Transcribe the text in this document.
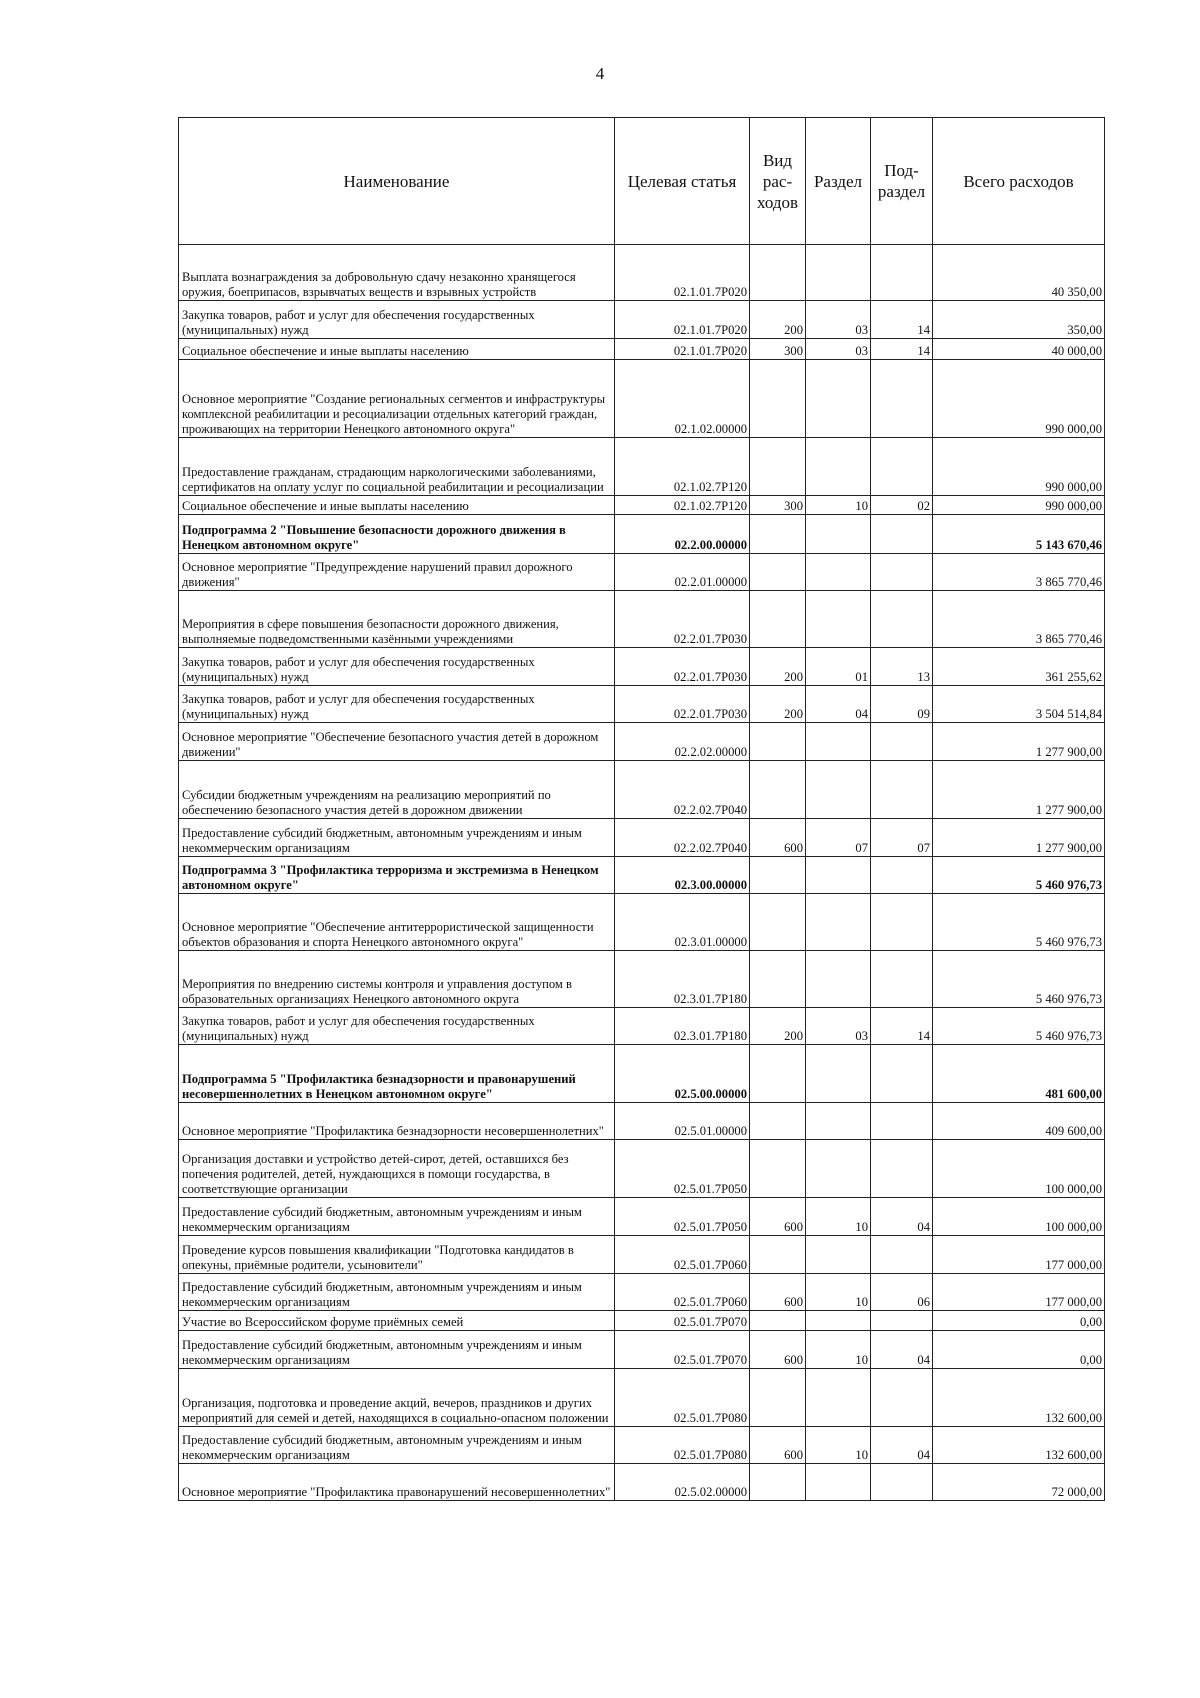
4
Наименование	Целевая статья	Вид рас-ходов	Раздел	Под-раздел	Всего расходов
Выплата вознаграждения за добровольную сдачу незаконно хранящегося оружия, боеприпасов, взрывчатых веществ и взрывных устройств	02.1.01.7Р020				40 350,00
Закупка товаров, работ и услуг для обеспечения государственных (муниципальных) нужд	02.1.01.7Р020	200	03	14	350,00
Социальное обеспечение и иные выплаты населению	02.1.01.7Р020	300	03	14	40 000,00
Основное мероприятие "Создание региональных сегментов и инфраструктуры комплексной реабилитации и ресоциализации отдельных категорий граждан, проживающих на территории Ненецкого автономного округа"	02.1.02.00000				990 000,00
Предоставление гражданам, страдающим наркологическими заболеваниями, сертификатов на оплату услуг по социальной реабилитации и ресоциализации	02.1.02.7Р120				990 000,00
Социальное обеспечение и иные выплаты населению	02.1.02.7Р120	300	10	02	990 000,00
Подпрограмма 2 "Повышение безопасности дорожного движения в Ненецком автономном округе"	02.2.00.00000				5 143 670,46
Основное мероприятие "Предупреждение нарушений правил дорожного движения"	02.2.01.00000				3 865 770,46
Мероприятия в сфере повышения безопасности дорожного движения, выполняемые подведомственными казёнными учреждениями	02.2.01.7Р030				3 865 770,46
Закупка товаров, работ и услуг для обеспечения государственных (муниципальных) нужд	02.2.01.7Р030	200	01	13	361 255,62
Закупка товаров, работ и услуг для обеспечения государственных (муниципальных) нужд	02.2.01.7Р030	200	04	09	3 504 514,84
Основное мероприятие "Обеспечение безопасного участия детей в дорожном движении"	02.2.02.00000				1 277 900,00
Субсидии бюджетным учреждениям на реализацию мероприятий по обеспечению безопасного участия детей в дорожном движении	02.2.02.7Р040				1 277 900,00
Предоставление субсидий бюджетным, автономным учреждениям и иным некоммерческим организациям	02.2.02.7Р040	600	07	07	1 277 900,00
Подпрограмма 3 "Профилактика терроризма и экстремизма в Ненецком автономном округе"	02.3.00.00000				5 460 976,73
Основное мероприятие "Обеспечение антитеррористической защищенности объектов образования и спорта Ненецкого автономного округа"	02.3.01.00000				5 460 976,73
Мероприятия по внедрению системы контроля и управления доступом в образовательных организациях Ненецкого автономного округа	02.3.01.7Р180				5 460 976,73
Закупка товаров, работ и услуг для обеспечения государственных (муниципальных) нужд	02.3.01.7Р180	200	03	14	5 460 976,73
Подпрограмма 5 "Профилактика безнадзорности и правонарушений несовершеннолетних в Ненецком автономном округе"	02.5.00.00000				481 600,00
Основное мероприятие "Профилактика безнадзорности несовершеннолетних"	02.5.01.00000				409 600,00
Организация доставки и устройство детей-сирот, детей, оставшихся без попечения родителей, детей, нуждающихся в помощи государства, в соответствующие организации	02.5.01.7Р050				100 000,00
Предоставление субсидий бюджетным, автономным учреждениям и иным некоммерческим организациям	02.5.01.7Р050	600	10	04	100 000,00
Проведение курсов повышения квалификации "Подготовка кандидатов в опекуны, приёмные родители, усыновители"	02.5.01.7Р060				177 000,00
Предоставление субсидий бюджетным, автономным учреждениям и иным некоммерческим организациям	02.5.01.7Р060	600	10	06	177 000,00
Участие во Всероссийском форуме приёмных семей	02.5.01.7Р070				0,00
Предоставление субсидий бюджетным, автономным учреждениям и иным некоммерческим организациям	02.5.01.7Р070	600	10	04	0,00
Организация, подготовка и проведение акций, вечеров, праздников и других мероприятий для семей и детей, находящихся в социально-опасном положении	02.5.01.7Р080				132 600,00
Предоставление субсидий бюджетным, автономным учреждениям и иным некоммерческим организациям	02.5.01.7Р080	600	10	04	132 600,00
Основное мероприятие "Профилактика правонарушений несовершеннолетних"	02.5.02.00000				72 000,00
